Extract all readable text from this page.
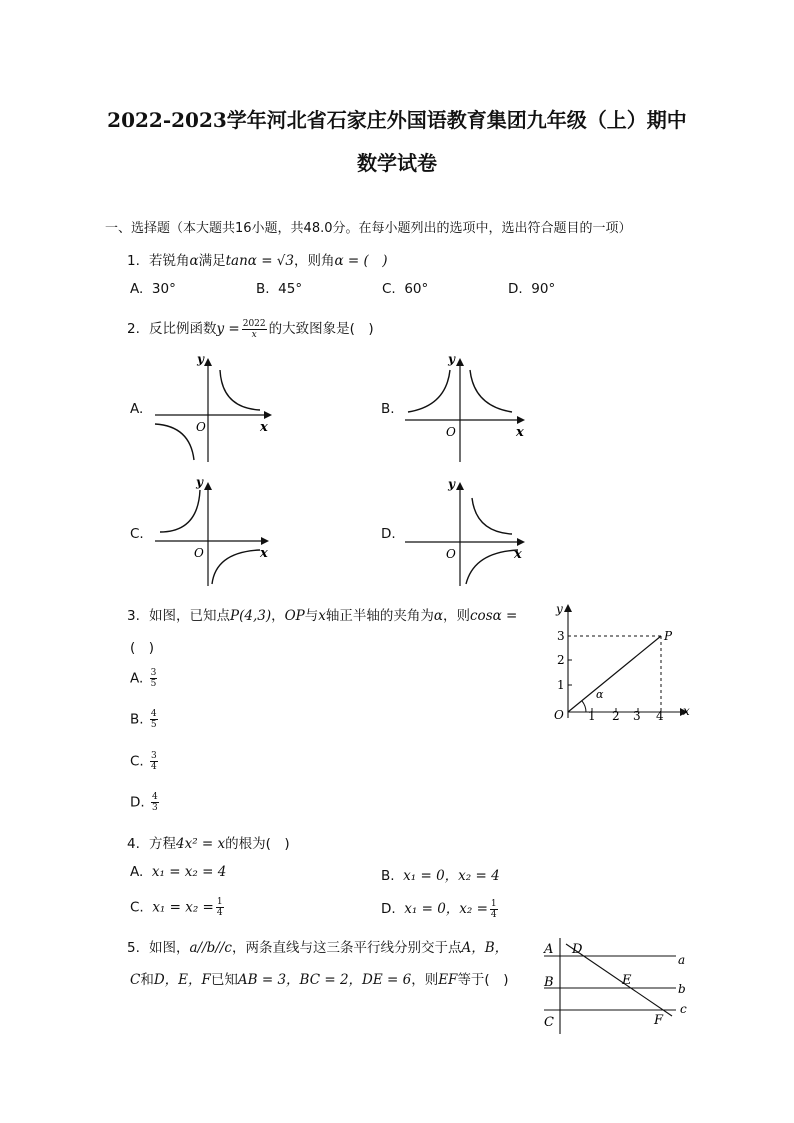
2022-2023学年河北省石家庄外国语教育集团九年级（上）期中
数学试卷
一、选择题（本大题共16小题，共48.0分。在每小题列出的选项中，选出符合题目的一项）
1. 若锐角α满足tanα = √3，则角α = (　)
A. 30°	B. 45°	C. 60°	D. 90°
2. 反比例函数$y = \frac{2022}{x}$ 的大致图象是(　)
A.	B.
C.	D.
y
x
O
y
x
O
y
x
O
y
x
O
3. 如图，已知点P(4,3)，OP与x轴正半轴的夹角为α，则cosα =
(　)
A. $\frac{3}{5}$
B. $\frac{4}{5}$
C. $\frac{3}{4}$
D. $\frac{4}{3}$
y
x
O
P
α
1 2 3 4
1
2
3
4. 方程4x² = x的根为(　)
A. x₁ = x₂ = 4	B. x₁ = 0，x₂ = 4
C. $x_1 = x_2 = \frac{1}{4}$	D. x₁ = 0，$x_2 = \frac{1}{4}$
5. 如图，a//b//c，两条直线与这三条平行线分别交于点A，B，
C和D，E，F已知AB = 3，BC = 2，DE = 6，则EF等于(　)
A
B
C
D
E
F
a
b
c
